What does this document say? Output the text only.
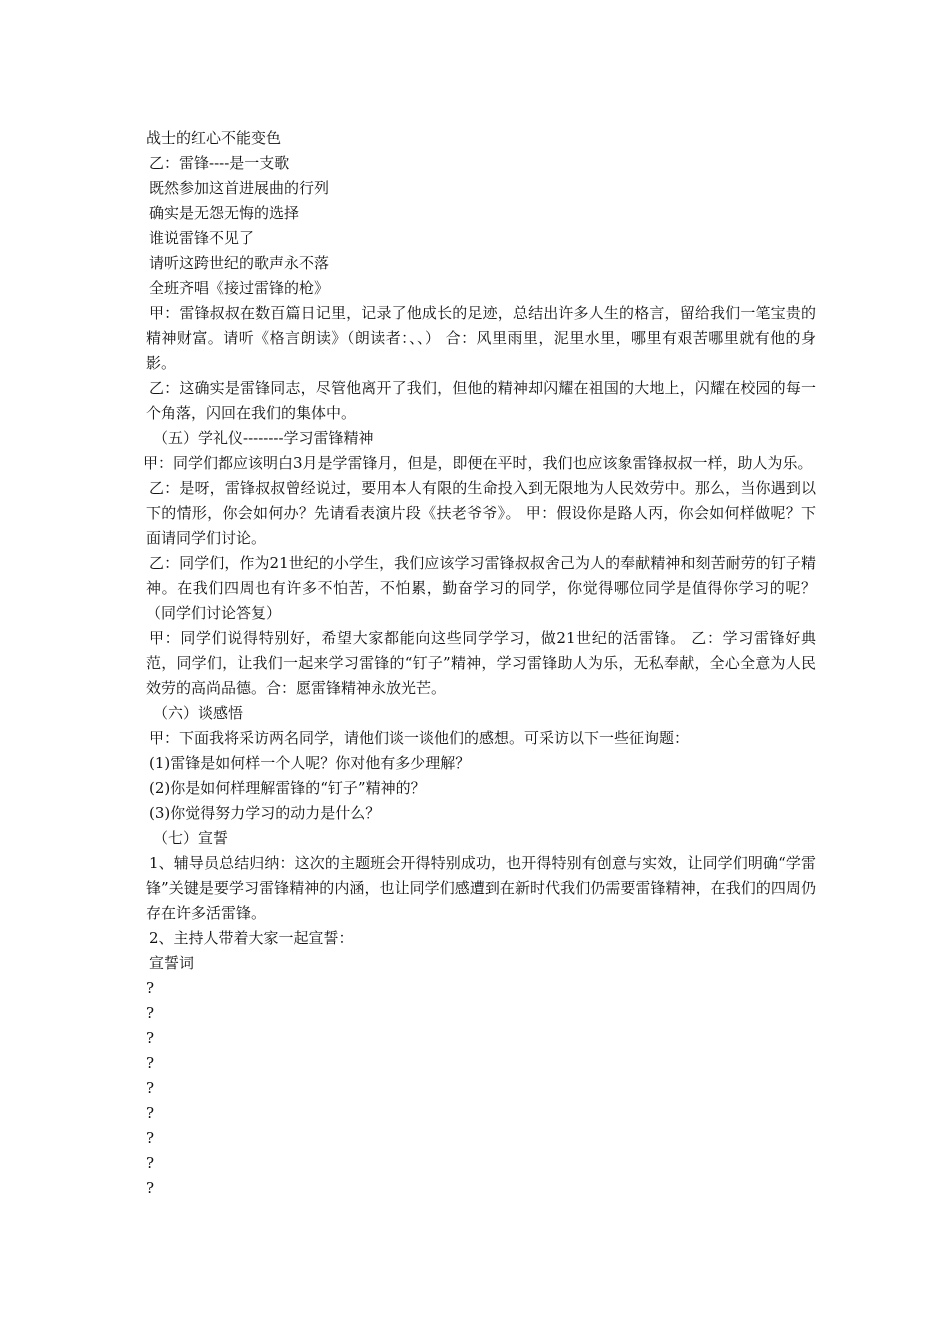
战士的红心不能变色

乙：雷锋----是一支歌

既然参加这首进展曲的行列

确实是无怨无悔的选择

谁说雷锋不见了

请听这跨世纪的歌声永不落

全班齐唱《接过雷锋的枪》

甲：雷锋叔叔在数百篇日记里，记录了他成长的足迹，总结出许多人生的格言，留给我们一笔宝贵的精神财富。请听《格言朗读》（朗读者：、、） 合：风里雨里，泥里水里，哪里有艰苦哪里就有他的身影。

乙：这确实是雷锋同志，尽管他离开了我们，但他的精神却闪耀在祖国的大地上，闪耀在校园的每一个角落，闪回在我们的集体中。

（五）学礼仪--------学习雷锋精神

甲：同学们都应该明白3月是学雷锋月，但是，即便在平时，我们也应该象雷锋叔叔一样，助人为乐。

乙：是呀，雷锋叔叔曾经说过，要用本人有限的生命投入到无限地为人民效劳中。那么，当你遇到以下的情形，你会如何办？先请看表演片段《扶老爷爷》。 甲：假设你是路人丙，你会如何样做呢？下面请同学们讨论。

乙：同学们，作为21世纪的小学生，我们应该学习雷锋叔叔舍己为人的奉献精神和刻苦耐劳的钉子精神。在我们四周也有许多不怕苦，不怕累，勤奋学习的同学，你觉得哪位同学是值得你学习的呢？（同学们讨论答复）

甲：同学们说得特别好，希望大家都能向这些同学学习，做21世纪的活雷锋。 乙：学习雷锋好典范，同学们，让我们一起来学习雷锋的“钉子”精神，学习雷锋助人为乐，无私奉献，全心全意为人民效劳的高尚品德。合：愿雷锋精神永放光芒。

（六）谈感悟

甲：下面我将采访两名同学，请他们谈一谈他们的感想。可采访以下一些征询题：

(1)雷锋是如何样一个人呢？你对他有多少理解？

(2)你是如何样理解雷锋的“钉子”精神的？

(3)你觉得努力学习的动力是什么？

（七）宣誓

1、辅导员总结归纳：这次的主题班会开得特别成功，也开得特别有创意与实效，让同学们明确“学雷锋”关键是要学习雷锋精神的内涵，也让同学们感遭到在新时代我们仍需要雷锋精神，在我们的四周仍存在许多活雷锋。

2、主持人带着大家一起宣誓：

宣誓词

?

?

?

?

?

?

?

?

?
